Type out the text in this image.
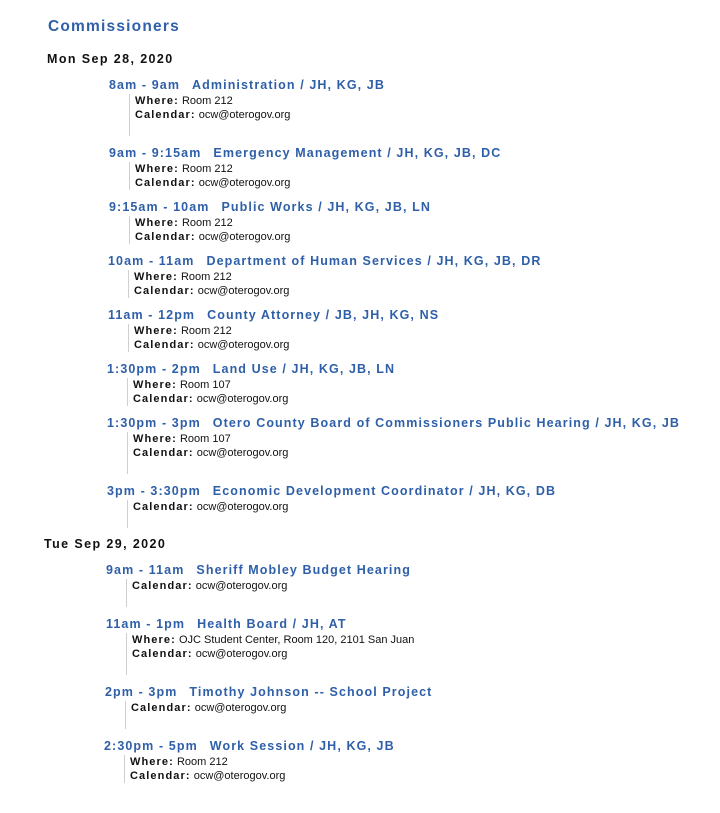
Commissioners
Mon Sep 28, 2020
8am - 9am Administration / JH, KG, JB
Where: Room 212
Calendar: ocw@oterogov.org
9am - 9:15am Emergency Management / JH, KG, JB, DC
Where: Room 212
Calendar: ocw@oterogov.org
9:15am - 10am Public Works / JH, KG, JB, LN
Where: Room 212
Calendar: ocw@oterogov.org
10am - 11am Department of Human Services / JH, KG, JB, DR
Where: Room 212
Calendar: ocw@oterogov.org
11am - 12pm County Attorney / JB, JH, KG, NS
Where: Room 212
Calendar: ocw@oterogov.org
1:30pm - 2pm Land Use / JH, KG, JB, LN
Where: Room 107
Calendar: ocw@oterogov.org
1:30pm - 3pm Otero County Board of Commissioners Public Hearing / JH, KG, JB
Where: Room 107
Calendar: ocw@oterogov.org
3pm - 3:30pm Economic Development Coordinator / JH, KG, DB
Calendar: ocw@oterogov.org
Tue Sep 29, 2020
9am - 11am Sheriff Mobley Budget Hearing
Calendar: ocw@oterogov.org
11am - 1pm Health Board / JH, AT
Where: OJC Student Center, Room 120, 2101 San Juan
Calendar: ocw@oterogov.org
2pm - 3pm Timothy Johnson -- School Project
Calendar: ocw@oterogov.org
2:30pm - 5pm Work Session / JH, KG, JB
Where: Room 212
Calendar: ocw@oterogov.org
